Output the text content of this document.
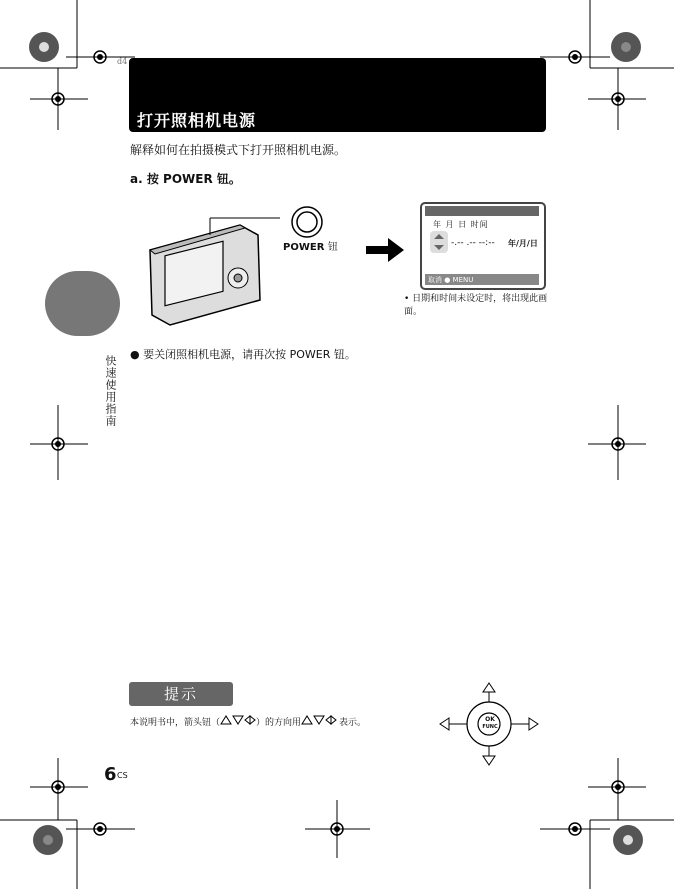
d4
打开照相机电源
解释如何在拍摄模式下打开照相机电源。
a. 按 POWER 钮。
POWER 钮
年 月 日 时间
-.-- .-- --:-- 年/月/日
取消 ● MENU
• 日期和时间未设定时，将出现此画面。
● 要关闭照相机电源，请再次按 POWER 钮。
快速使用指南
提示
本说明书中，箭头钮（	）的方向用	表示。	OK
FUNC
6 CS
